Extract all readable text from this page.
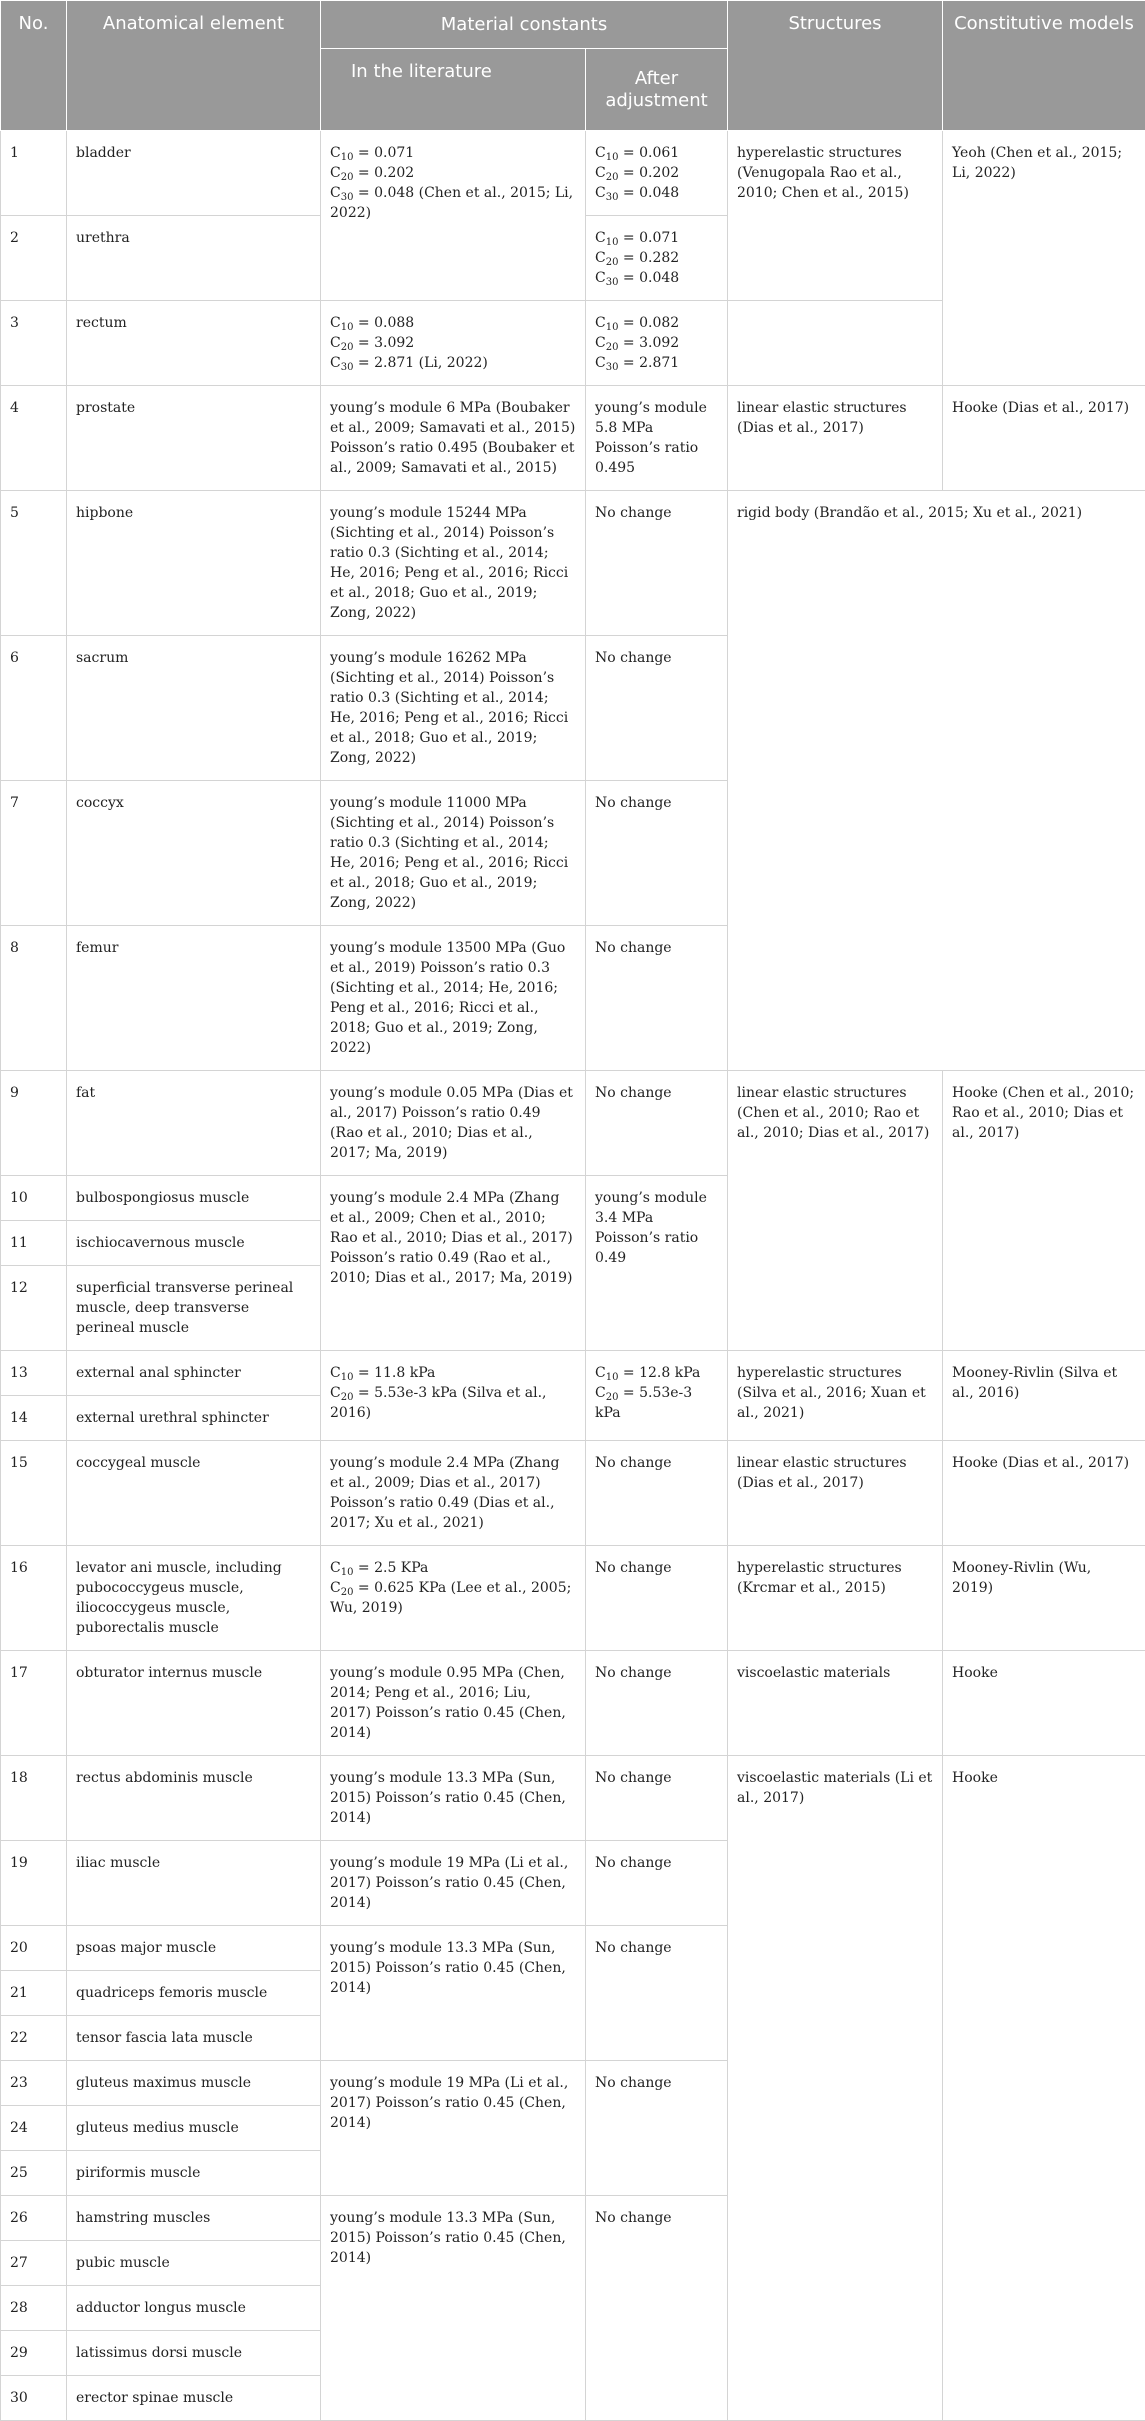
No.	Anatomical element	Material constants		Structures	Constitutive models
		In the literature	After adjustment		
1	bladder	$C_{10} = 0.071$
$C_{20} = 0.202$
$C_{30} = 0.048$ (Chen et al., 2015; Li, 2022)	$C_{10} = 0.061$
$C_{20} = 0.202$
$C_{30} = 0.048$	hyperelastic structures (Venugopala Rao et al., 2010; Chen et al., 2015)	Yeoh (Chen et al., 2015; Li, 2022)
2	urethra		$C_{10} = 0.071$
$C_{20} = 0.282$
$C_{30} = 0.048$		

3	rectum	$C_{10} = 0.088$
$C_{20} = 3.092$
$C_{30} = 2.871$ (Li, 2022)	$C_{10} = 0.082$
$C_{20} = 3.092$
$C_{30} = 2.871$		

4	prostate	young’s module 6 MPa (Boubaker et al., 2009; Samavati et al., 2015) Poisson’s ratio 0.495 (Boubaker et al., 2009; Samavati et al., 2015)	young’s module 5.8 MPa Poisson’s ratio 0.495	linear elastic structures (Dias et al., 2017)	Hooke (Dias et al., 2017)
5	hipbone	young’s module 15244 MPa (Sichting et al., 2014) Poisson’s ratio 0.3 (Sichting et al., 2014; He, 2016; Peng et al., 2016; Ricci et al., 2018; Guo et al., 2019; Zong, 2022)	No change	rigid body (Brandão et al., 2015; Xu et al., 2021)	
6	sacrum	young’s module 16262 MPa (Sichting et al., 2014) Poisson’s ratio 0.3 (Sichting et al., 2014; He, 2016; Peng et al., 2016; Ricci et al., 2018; Guo et al., 2019; Zong, 2022)	No change		
7	coccyx	young’s module 11000 MPa (Sichting et al., 2014) Poisson’s ratio 0.3 (Sichting et al., 2014; He, 2016; Peng et al., 2016; Ricci et al., 2018; Guo et al., 2019; Zong, 2022)	No change		
8	femur	young’s module 13500 MPa (Guo et al., 2019) Poisson’s ratio 0.3 (Sichting et al., 2014; He, 2016; Peng et al., 2016; Ricci et al., 2018; Guo et al., 2019; Zong, 2022)	No change		
9	fat	young’s module 0.05 MPa (Dias et al., 2017) Poisson’s ratio 0.49 (Rao et al., 2010; Dias et al., 2017; Ma, 2019)	No change	linear elastic structures (Chen et al., 2010; Rao et al., 2010; Dias et al., 2017)	Hooke (Chen et al., 2010; Rao et al., 2010; Dias et al., 2017)
10	bulbospongiosus muscle	young’s module 2.4 MPa (Zhang et al., 2009; Chen et al., 2010; Rao et al., 2010; Dias et al., 2017) Poisson’s ratio 0.49 (Rao et al., 2010; Dias et al., 2017; Ma, 2019)	young’s module 3.4 MPa Poisson’s ratio 0.49		
11	ischiocavernous muscle				
12	superficial transverse perineal muscle, deep transverse perineal muscle				
13	external anal sphincter	$C_{10} = 11.8$ kPa
$C_{20} = 5.53e-3$ kPa (Silva et al., 2016)	$C_{10} = 12.8$ kPa
$C_{20} = 5.53e-3$ kPa	hyperelastic structures (Silva et al., 2016; Xuan et al., 2021)	Mooney-Rivlin (Silva et al., 2016)
14	external urethral sphincter				
15	coccygeal muscle	young’s module 2.4 MPa (Zhang et al., 2009; Dias et al., 2017) Poisson’s ratio 0.49 (Dias et al., 2017; Xu et al., 2021)	No change	linear elastic structures (Dias et al., 2017)	Hooke (Dias et al., 2017)
16	levator ani muscle, including pubococcygeus muscle, iliococcygeus muscle, puborectalis muscle	$C_{10} = 2.5$ KPa
$C_{20} = 0.625$ KPa (Lee et al., 2005; Wu, 2019)	No change	hyperelastic structures (Krcmar et al., 2015)	Mooney-Rivlin (Wu, 2019)
17	obturator internus muscle	young’s module 0.95 MPa (Chen, 2014; Peng et al., 2016; Liu, 2017) Poisson’s ratio 0.45 (Chen, 2014)	No change	viscoelastic materials	Hooke
18	rectus abdominis muscle	young’s module 13.3 MPa (Sun, 2015) Poisson’s ratio 0.45 (Chen, 2014)	No change	viscoelastic materials (Li et al., 2017)	Hooke
19	iliac muscle	young’s module 19 MPa (Li et al., 2017) Poisson’s ratio 0.45 (Chen, 2014)	No change		
20	psoas major muscle	young’s module 13.3 MPa (Sun, 2015) Poisson’s ratio 0.45 (Chen, 2014)	No change		
21	quadriceps femoris muscle				
22	tensor fascia lata muscle				
23	gluteus maximus muscle	young’s module 19 MPa (Li et al., 2017) Poisson’s ratio 0.45 (Chen, 2014)	No change		
24	gluteus medius muscle				
25	piriformis muscle				
26	hamstring muscles	young’s module 13.3 MPa (Sun, 2015) Poisson’s ratio 0.45 (Chen, 2014)	No change		
27	pubic muscle				
28	adductor longus muscle				
29	latissimus dorsi muscle				
30	erector spinae muscle				
